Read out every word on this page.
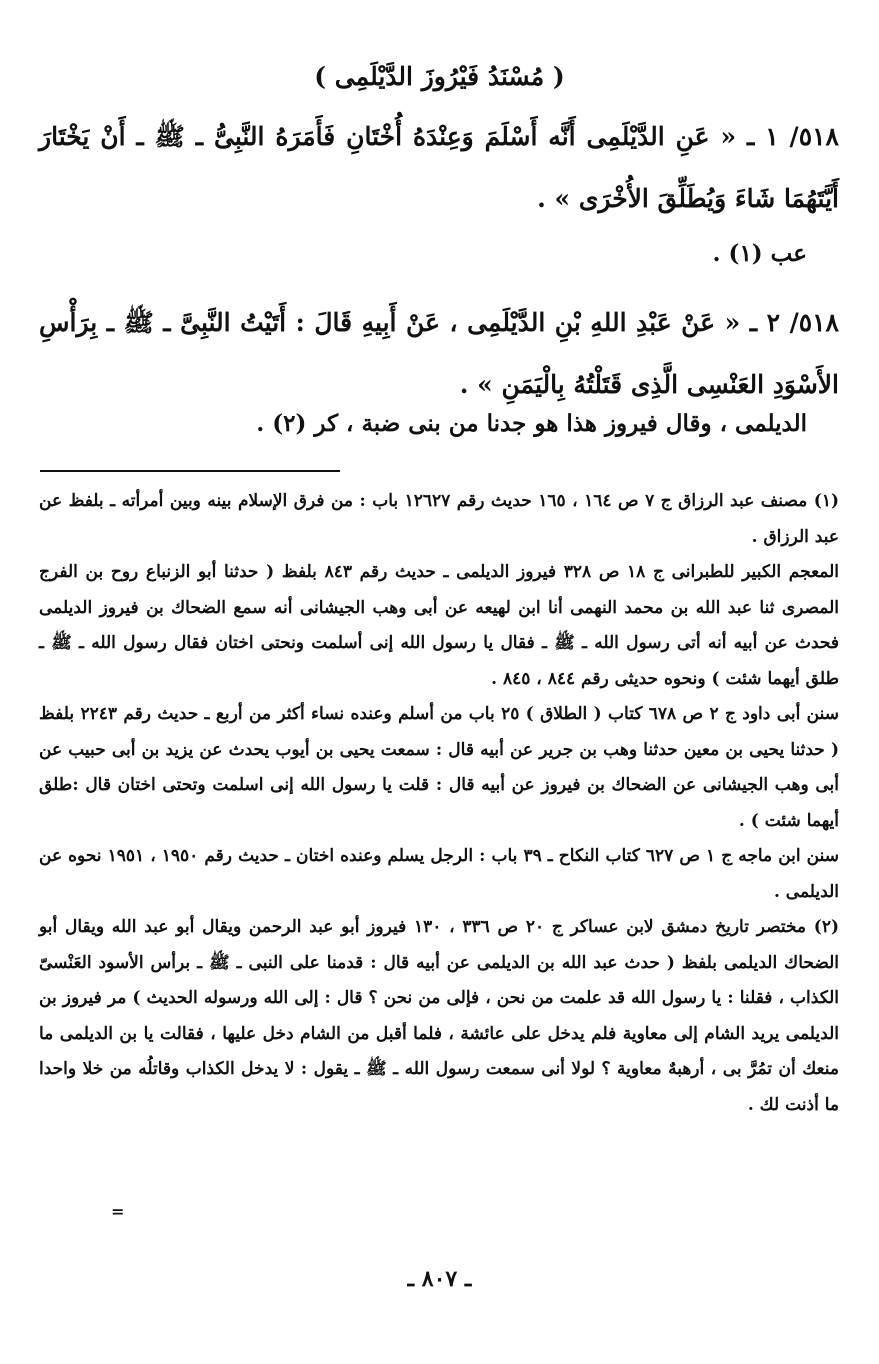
( مُسْنَدُ فَيْرُوزَ الدَّيْلَمِى )
٥١٨/ ١ ـ « عَنِ الدَّيْلَمِى أَنَّه أَسْلَمَ وَعِنْدَهُ أُخْتَانِ فَأَمَرَهُ النَّبِىُّ ـ ﷺ ـ أَنْ يَخْتَارَ أَيَّتَهُمَا شَاءَ وَيُطَلِّقَ الأُخْرَى » .
عب (١) .
٥١٨/ ٢ ـ « عَنْ عَبْدِ اللهِ بْنِ الدَّيْلَمِى ، عَنْ أَبِيهِ قَالَ : أَتَيْتُ النَّبِىَّ ـ ﷺ ـ بِرَأْسِ الأَسْوَدِ العَنْسِى الَّذِى قَتَلْتُهُ بِالْيَمَنِ » .
الديلمى ، وقال فيروز هذا هو جدنا من بنى ضبة ، كر (٢) .

(١) مصنف عبد الرزاق ج ٧ ص ١٦٤ ، ١٦٥ حديث رقم ١٢٦٢٧ باب : من فرق الإسلام بينه وبين أمرأته ـ بلفظ عن عبد الرزاق .

المعجم الكبير للطبرانى ج ١٨ ص ٣٢٨ فيروز الديلمى ـ حديث رقم ٨٤٣ بلفظ ( حدثنا أبو الزنباع روح بن الفرج المصرى ثنا عبد الله بن محمد النهمى أنا ابن لهيعه عن أبى وهب الجيشانى أنه سمع الضحاك بن فيروز الديلمى فحدث عن أبيه أنه أتى رسول الله ـ ﷺ ـ فقال يا رسول الله إنى أسلمت ونحتى اختان فقال رسول الله ـ ﷺ ـ طلق أيهما شئت ) ونحوه حديثى رقم ٨٤٤ ، ٨٤٥ .

سنن أبى داود ج ٢ ص ٦٧٨ كتاب ( الطلاق ) ٢٥ باب من أسلم وعنده نساء أكثر من أربع ـ حديث رقم ٢٢٤٣ بلفظ ( حدثنا يحيى بن معين حدثنا وهب بن جرير عن أبيه قال : سمعت يحيى بن أيوب يحدث عن يزيد بن أبى حبيب عن أبى وهب الجيشانى عن الضحاك بن فيروز عن أبيه قال : قلت يا رسول الله إنى اسلمت وتحتى اختان قال :طلق أيهما شئت ) .

سنن ابن ماجه ج ١ ص ٦٢٧ كتاب النكاح ـ ٣٩ باب : الرجل يسلم وعنده اختان ـ حديث رقم ١٩٥٠ ، ١٩٥١ نحوه عن الديلمى .

(٢) مختصر تاريخ دمشق لابن عساكر ج ٢٠ ص ٣٣٦ ، ١٣٠ فيروز أبو عبد الرحمن ويقال أبو عبد الله ويقال أبو الضحاك الديلمى بلفظ ( حدث عبد الله بن الديلمى عن أبيه قال : قدمنا على النبى ـ ﷺ ـ برأس الأسود العَنْسىّ الكذاب ، فقلنا : يا رسول الله قد علمت من نحن ، فإلى من نحن ؟ قال : إلى الله ورسوله الحديث ) مر فيروز بن الديلمى يريد الشام إلى معاوية فلم يدخل على عائشة ، فلما أقبل من الشام دخل عليها ، فقالت يا بن الديلمى ما منعك أن تمُرَّ بى ، أرهبهٌ معاوية ؟ لولا أنى سمعت رسول الله ـ ﷺ ـ يقول : لا يدخل الكذاب وقاتلُه من خلا واحدا ما أذنت لك .

=
ـ ٨٠٧ ـ
